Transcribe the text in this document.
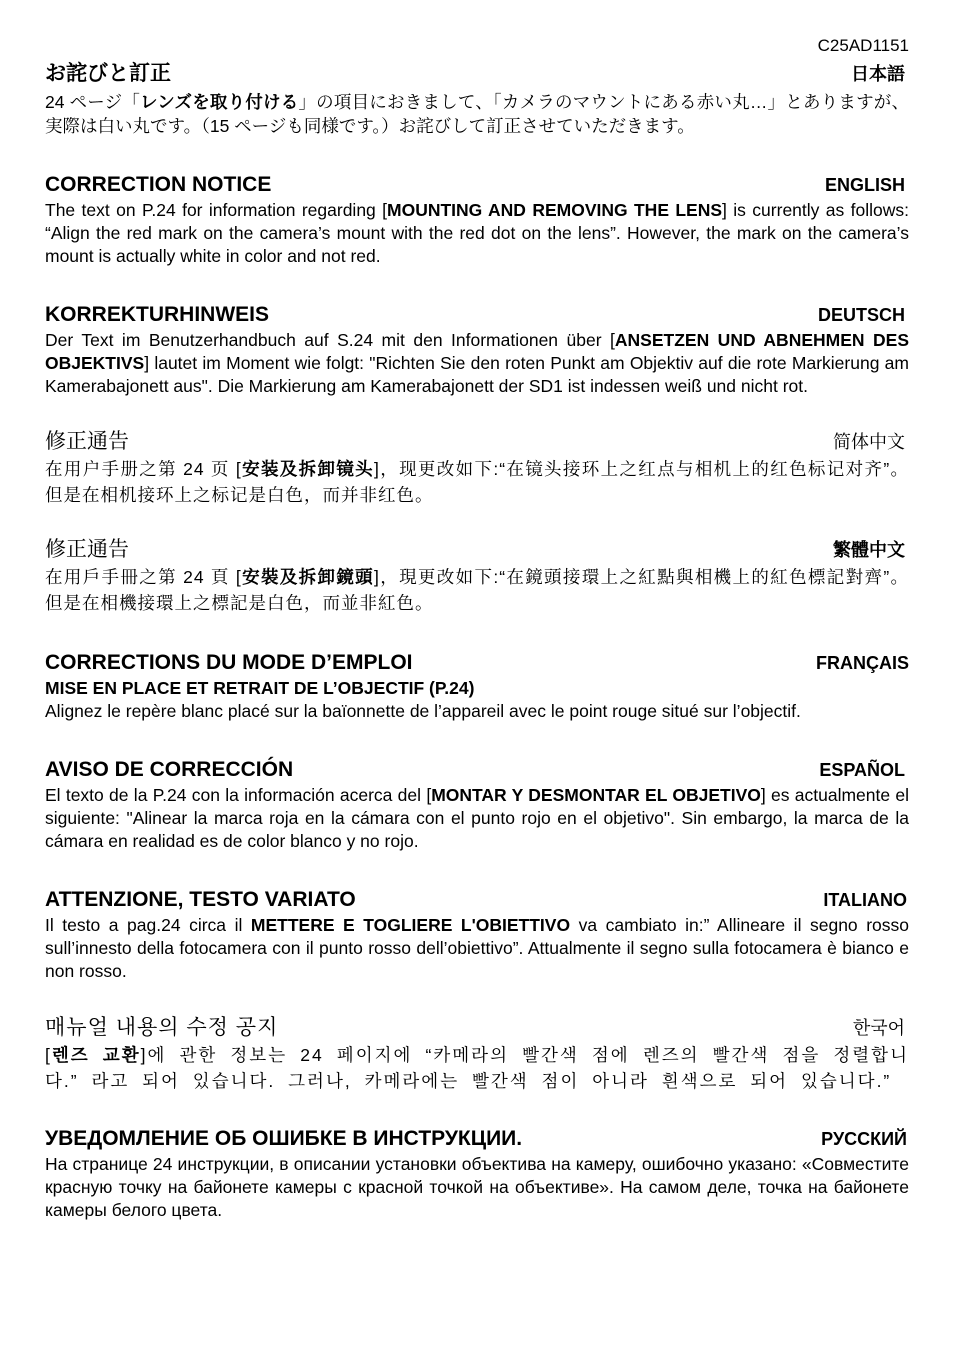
C25AD1151
お詫びと訂正	日本語
24 ページ「レンズを取り付ける」の項目におきまして、「カメラのマウントにある赤い丸…」とありますが、実際は白い丸です。（15 ページも同様です。）お詫びして訂正させていただきます。
CORRECTION NOTICE	ENGLISH
The text on P.24 for information regarding [MOUNTING AND REMOVING THE LENS] is currently as follows: “Align the red mark on the camera’s mount with the red dot on the lens”. However, the mark on the camera’s mount is actually white in color and not red.
KORREKTURHINWEIS	DEUTSCH
Der Text im Benutzerhandbuch auf S.24 mit den Informationen über [ANSETZEN UND ABNEHMEN DES OBJEKTIVS] lautet im Moment wie folgt: "Richten Sie den roten Punkt am Objektiv auf die rote Markierung am Kamerabajonett aus". Die Markierung am Kamerabajonett der SD1 ist indessen weiß und nicht rot.
修正通告	简体中文
在用户手册之第 24 页 [安装及拆卸镜头]，现更改如下:“在镜头接环上之红点与相机上的红色标记对齐”。但是在相机接环上之标记是白色，而并非红色。
修正通告	繁體中文
在用戶手冊之第 24 頁 [安裝及拆卸鏡頭]，現更改如下:“在鏡頭接環上之紅點與相機上的紅色標記對齊”。但是在相機接環上之標記是白色，而並非紅色。
CORRECTIONS DU MODE D’EMPLOI	FRANÇAIS
MISE EN PLACE ET RETRAIT DE L’OBJECTIF (P.24)
Alignez le repère blanc placé sur la baïonnette de l’appareil avec le point rouge situé sur l’objectif.
AVISO DE CORRECCIÓN	ESPAÑOL
El texto de la P.24 con la información acerca del [MONTAR Y DESMONTAR EL OBJETIVO] es actualmente el siguiente: "Alinear la marca roja en la cámara con el punto rojo en el objetivo". Sin embargo, la marca de la cámara en realidad es de color blanco y no rojo.
ATTENZIONE, TESTO VARIATO	ITALIANO
Il testo a pag.24 circa il METTERE E TOGLIERE L'OBIETTIVO va cambiato in:” Allineare il segno rosso sull’innesto della fotocamera con il punto rosso dell’obiettivo”. Attualmente il segno sulla fotocamera è bianco e non rosso.
매뉴얼 내용의 수정 공지	한국어
[렌즈 교환]에 관한 정보는 24 페이지에 “카메라의 빨간색 점에 렌즈의 빨간색 점을 정렬합니다.” 라고 되어 있습니다. 그러나, 카메라에는 빨간색 점이 아니라 흰색으로 되어 있습니다.”
УВЕДОМЛЕНИЕ ОБ ОШИБКЕ В ИНСТРУКЦИИ.	РУССКИЙ
На странице 24 инструкции, в описании установки объектива на камеру, ошибочно указано: «Совместите красную точку на байонете камеры с красной точкой на объективе». На самом деле, точка на байонете камеры белого цвета.
